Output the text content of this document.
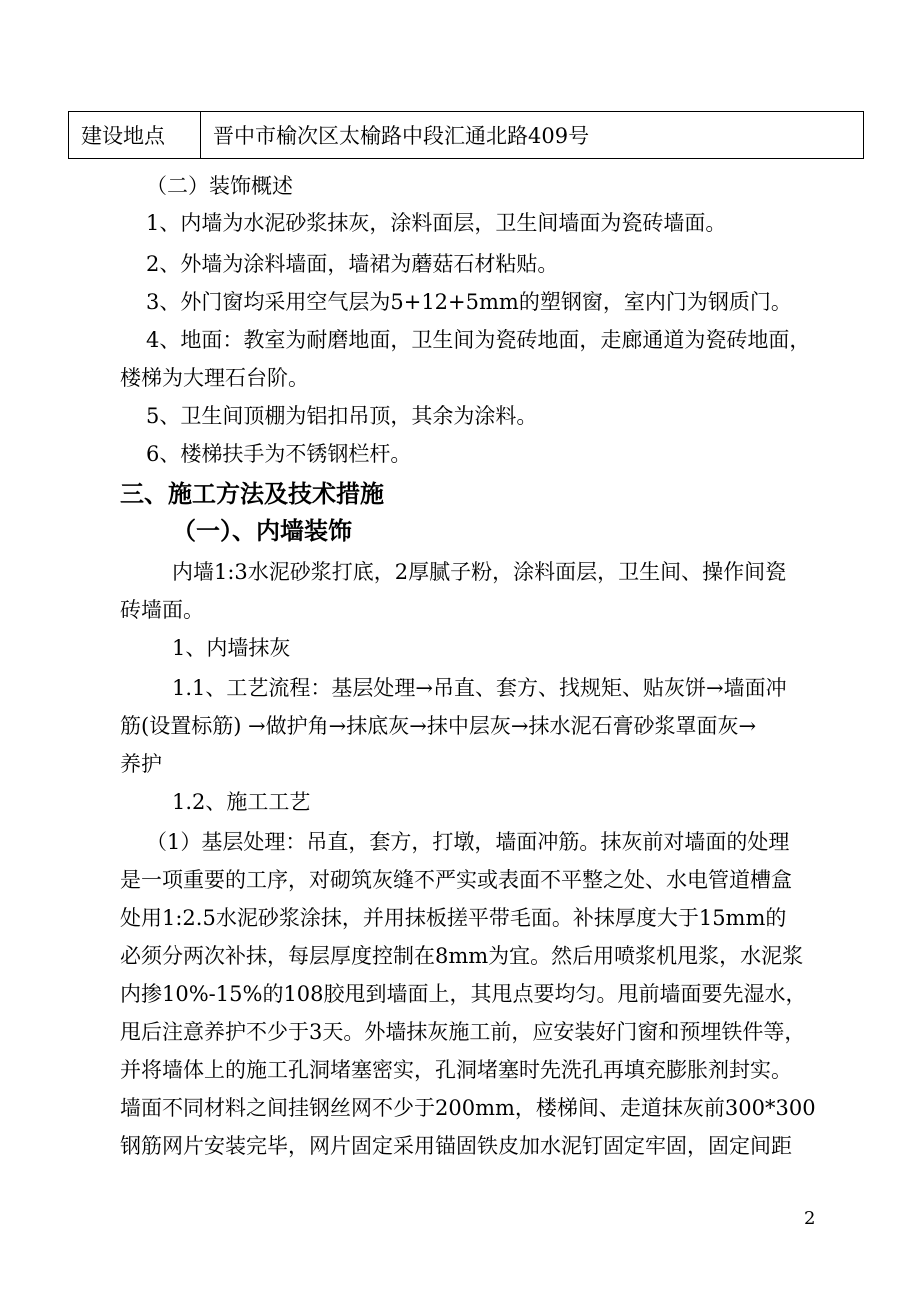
建设地点	晋中市榆次区太榆路中段汇通北路409号
（二）装饰概述
1、内墙为水泥砂浆抹灰，涂料面层，卫生间墙面为瓷砖墙面。
2、外墙为涂料墙面，墙裙为蘑菇石材粘贴。
3、外门窗均采用空气层为5+12+5mm的塑钢窗，室内门为钢质门。
4、地面：教室为耐磨地面，卫生间为瓷砖地面，走廊通道为瓷砖地面，
楼梯为大理石台阶。
5、卫生间顶棚为铝扣吊顶，其余为涂料。
6、楼梯扶手为不锈钢栏杆。
三、施工方法及技术措施
（一）、内墙装饰
内墙1:3水泥砂浆打底，2厚腻子粉，涂料面层，卫生间、操作间瓷
砖墙面。
1、内墙抹灰
1.1、工艺流程：基层处理→吊直、套方、找规矩、贴灰饼→墙面冲
筋(设置标筋) →做护角→抹底灰→抹中层灰→抹水泥石膏砂浆罩面灰→
养护
1.2、施工工艺
（1）基层处理：吊直，套方，打墩，墙面冲筋。抹灰前对墙面的处理
是一项重要的工序，对砌筑灰缝不严实或表面不平整之处、水电管道槽盒
处用1:2.5水泥砂浆涂抹，并用抹板搓平带毛面。补抹厚度大于15mm的
必须分两次补抹，每层厚度控制在8mm为宜。然后用喷浆机甩浆，水泥浆
内掺10%-15%的108胶甩到墙面上，其甩点要均匀。甩前墙面要先湿水，
甩后注意养护不少于3天。外墙抹灰施工前，应安装好门窗和预埋铁件等，
并将墙体上的施工孔洞堵塞密实，孔洞堵塞时先洗孔再填充膨胀剂封实。
墙面不同材料之间挂钢丝网不少于200mm，楼梯间、走道抹灰前300*300
钢筋网片安装完毕，网片固定采用锚固铁皮加水泥钉固定牢固，固定间距
2
